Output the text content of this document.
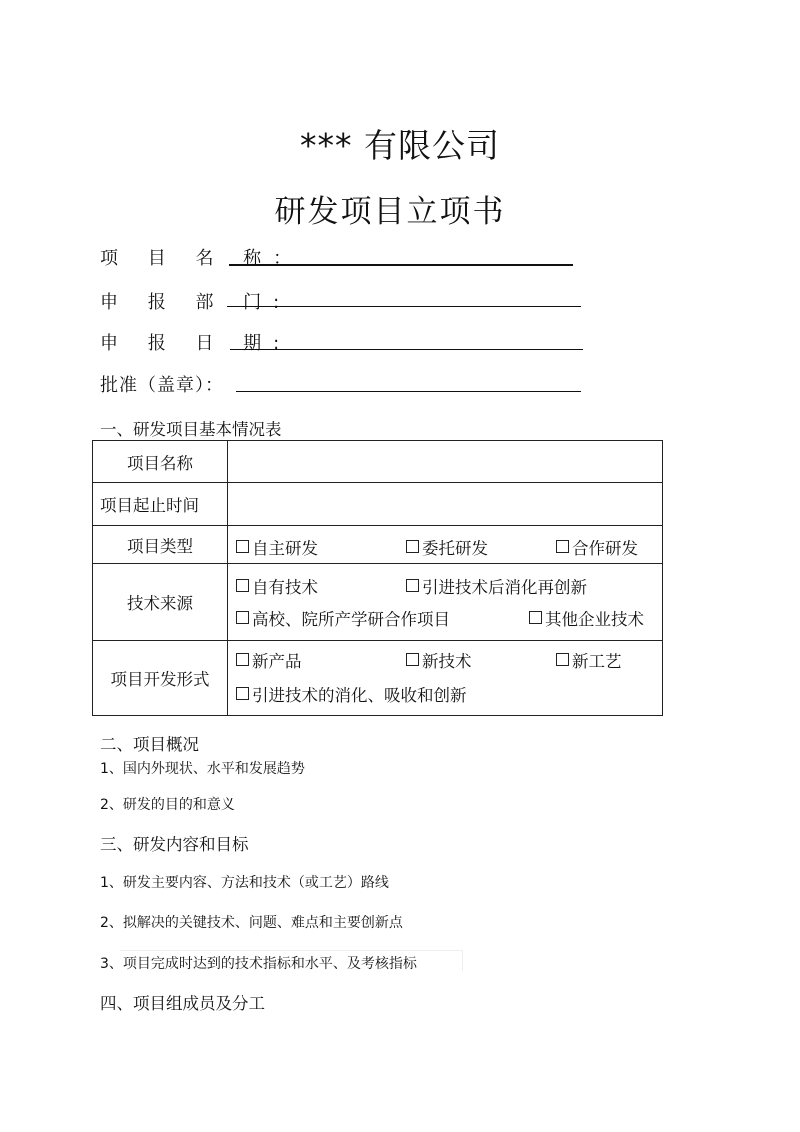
*** 有限公司
研发项目立项书
项 目 名 称：
申 报 部 门:
申 报 日 期:
批准（盖章）：
一、研发项目基本情况表
项目名称	
项目起止时间	
项目类型	自主研发 委托研发 合作研发

技术来源	自有技术 引进技术后消化再创新
高校、院所产学研合作项目 其他企业技术

项目开发形式	新产品 新技术 新工艺
引进技术的消化、吸收和创新
二、项目概况
1、国内外现状、水平和发展趋势
2、研发的目的和意义
三、研发内容和目标
1、研发主要内容、方法和技术（或工艺）路线
2、拟解决的关键技术、问题、难点和主要创新点
3、项目完成时达到的技术指标和水平、及考核指标
四、项目组成员及分工
